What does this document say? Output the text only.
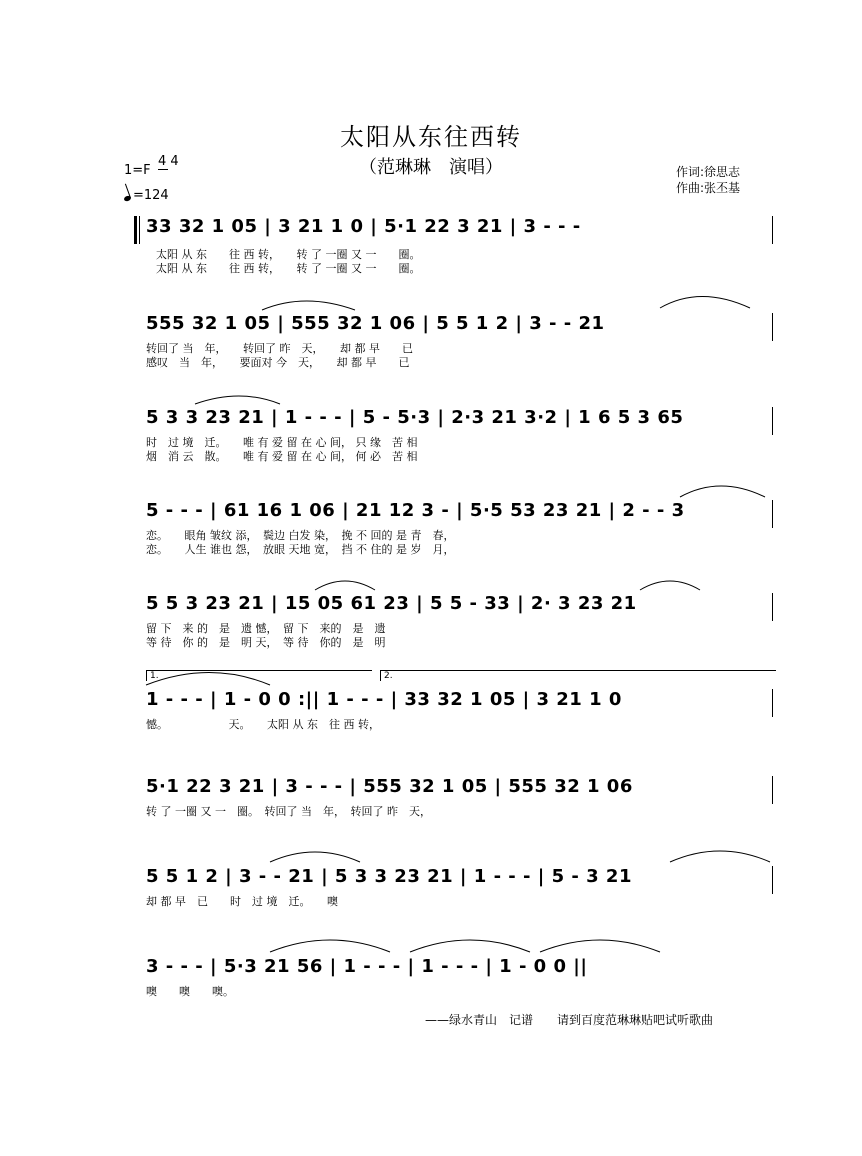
太阳从东往西转
（范琳琳　演唱）	作词:徐思志
作曲:张丕基
1=F
4 4
=124
33 32 1 05 | 3 21 1 0 | 5·1 22 3 21 | 3 - - -
太阳 从 东　　往 西 转，　　转 了 一圈 又 一　　圈。
太阳 从 东　　往 西 转，　　转 了 一圈 又 一　　圈。
555 32 1 05 | 555 32 1 06 | 5 5 1 2 | 3 - - 21
转回了 当　年，　　转回了 昨　天，　　却 都 早　　已
感叹　当　年，　　要面对 今　天，　　却 都 早　　已
5 3 3 23 21 | 1 - - - | 5 - 5·3 | 2·3 21 3·2 | 1 6 5 3 65
时　过 境　迁。　　唯 有 爱 留 在 心 间， 只 缘　苦 相
烟　消 云　散。　　唯 有 爱 留 在 心 间， 何 必　苦 相
5 - - - | 61 16 1 06 | 21 12 3 - | 5·5 53 23 21 | 2 - - 3
恋。　　眼角 皱纹 添，　鬓边 白发 染，　挽 不 回的 是 青　春，
恋。　　人生 谁也 怨，　放眼 天地 宽，　挡 不 住的 是 岁　月，
5 5 3 23 21 | 15 05 61 23 | 5 5 - 33 | 2· 3 23 21
留 下　来 的　是　遗 憾，　留 下　来的　是　遗
等 待　你 的　是　明 天，　等 待　你的　是　明
1.	2.
1 - - - | 1 - 0 0 :|| 1 - - - | 33 32 1 05 | 3 21 1 0
憾。　　　　　　天。　　太阳 从 东　往 西 转，
5·1 22 3 21 | 3 - - - | 555 32 1 05 | 555 32 1 06
转 了 一圈 又 一　圈。　转回了 当　年，　转回了 昨　天，
5 5 1 2 | 3 - - 21 | 5 3 3 23 21 | 1 - - - | 5 - 3 21
却 都 早　已　　时　过 境　迁。　　噢
3 - - - | 5·3 21 56 | 1 - - - | 1 - - - | 1 - 0 0 ||
噢　　噢　　噢。
——绿水青山　记谱　　请到百度范琳琳贴吧试听歌曲
